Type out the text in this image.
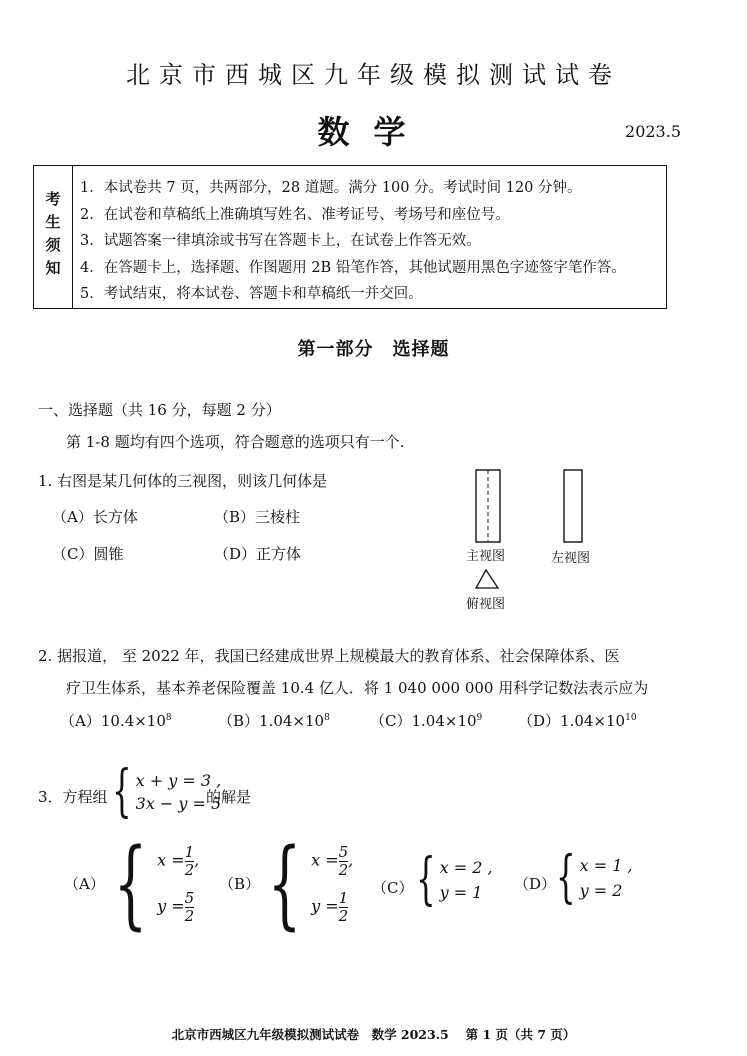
北京市西城区九年级模拟测试试卷
数学	2023.5
考生须知
1．本试卷共 7 页，共两部分，28 道题。满分 100 分。考试时间 120 分钟。
2．在试卷和草稿纸上准确填写姓名、准考证号、考场号和座位号。
3．试题答案一律填涂或书写在答题卡上，在试卷上作答无效。
4．在答题卡上，选择题、作图题用 2B 铅笔作答，其他试题用黑色字迹签字笔作答。
5．考试结束，将本试卷、答题卡和草稿纸一并交回。
第一部分　选择题
一、选择题（共 16 分，每题 2 分）
第 1-8 题均有四个选项，符合题意的选项只有一个.
1. 右图是某几何体的三视图，则该几何体是
（A）长方体	（B）三棱柱
（C）圆锥	（D）正方体	主视图	左视图
俯视图
2. 据报道， 至 2022 年，我国已经建成世界上规模最大的教育体系、社会保障体系、医
疗卫生体系，基本养老保险覆盖 10.4 亿人．将 1 040 000 000 用科学记数法表示应为
$(A)10.4\times 10^8$	$(B)1.04\times 10^8$	$(C)1.04\times 10^9$ $(D)1.04\times 10^{10}$
3．方程组 { x + y = 3 ,
3x − y = 5
的解是
（A） { $x = \frac{1}{2}$ ,
$y = \frac{5}{2}$
（B） { $x = \frac{5}{2}$ ,
$y = \frac{1}{2}$
（C） { x = 2 ,
y = 1	（D） { x = 1 ,
y = 2
北京市西城区九年级模拟测试试卷　数学 2023.5　 第 1 页（共 7 页）
